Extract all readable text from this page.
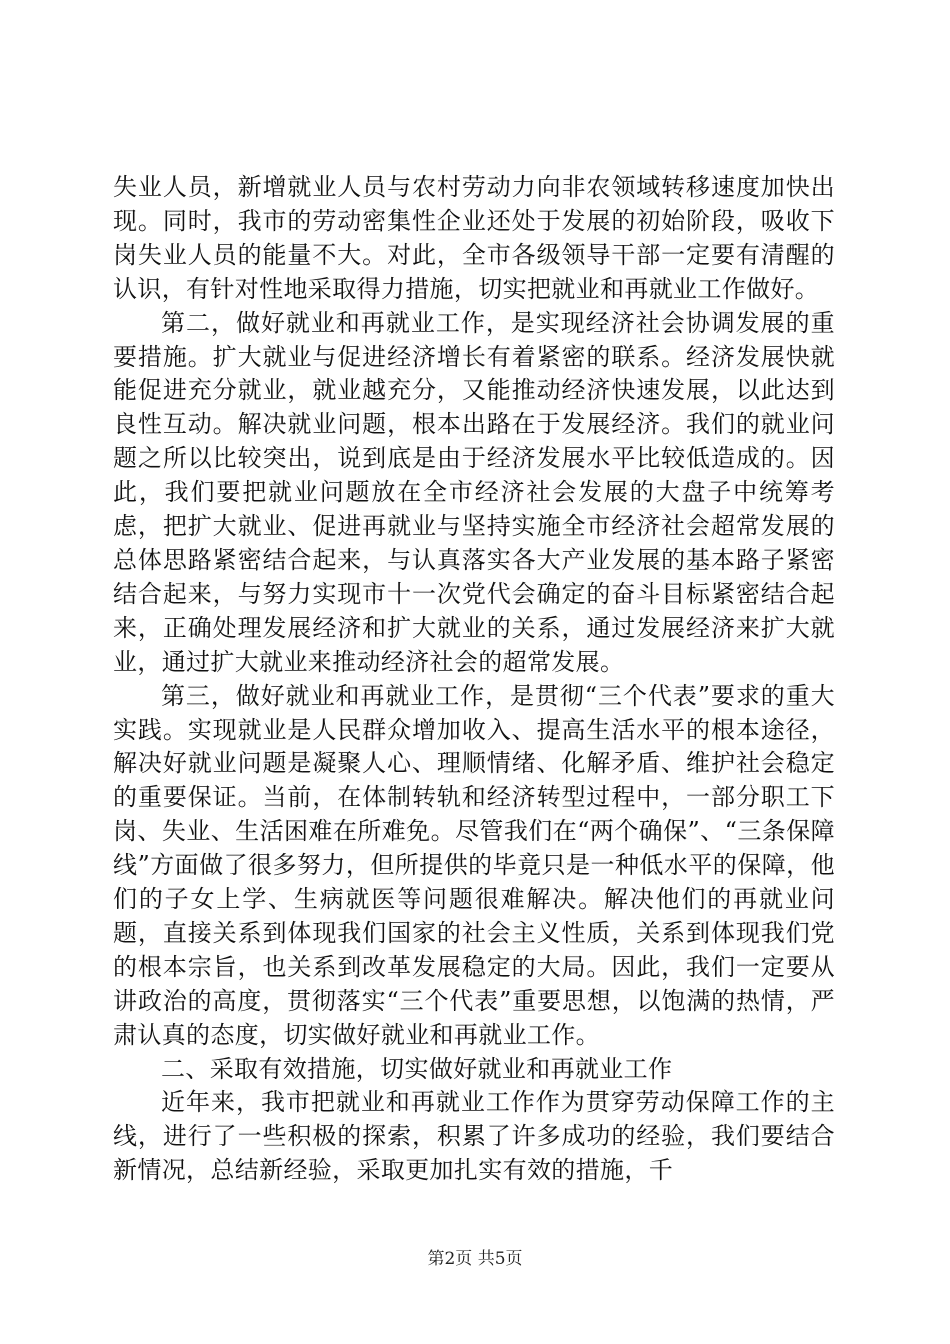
失业人员，新增就业人员与农村劳动力向非农领域转移速度加快出现。同时，我市的劳动密集性企业还处于发展的初始阶段，吸收下岗失业人员的能量不大。对此，全市各级领导干部一定要有清醒的认识，有针对性地采取得力措施，切实把就业和再就业工作做好。

第二，做好就业和再就业工作，是实现经济社会协调发展的重要措施。扩大就业与促进经济增长有着紧密的联系。经济发展快就能促进充分就业，就业越充分，又能推动经济快速发展，以此达到良性互动。解决就业问题，根本出路在于发展经济。我们的就业问题之所以比较突出，说到底是由于经济发展水平比较低造成的。因此，我们要把就业问题放在全市经济社会发展的大盘子中统筹考虑，把扩大就业、促进再就业与坚持实施全市经济社会超常发展的总体思路紧密结合起来，与认真落实各大产业发展的基本路子紧密结合起来，与努力实现市十一次党代会确定的奋斗目标紧密结合起来，正确处理发展经济和扩大就业的关系，通过发展经济来扩大就业，通过扩大就业来推动经济社会的超常发展。

第三，做好就业和再就业工作，是贯彻“三个代表”要求的重大实践。实现就业是人民群众增加收入、提高生活水平的根本途径，解决好就业问题是凝聚人心、理顺情绪、化解矛盾、维护社会稳定的重要保证。当前，在体制转轨和经济转型过程中，一部分职工下岗、失业、生活困难在所难免。尽管我们在“两个确保”、“三条保障线”方面做了很多努力，但所提供的毕竟只是一种低水平的保障，他们的子女上学、生病就医等问题很难解决。解决他们的再就业问题，直接关系到体现我们国家的社会主义性质，关系到体现我们党的根本宗旨，也关系到改革发展稳定的大局。因此，我们一定要从讲政治的高度，贯彻落实“三个代表”重要思想，以饱满的热情，严肃认真的态度，切实做好就业和再就业工作。

二、采取有效措施，切实做好就业和再就业工作

近年来，我市把就业和再就业工作作为贯穿劳动保障工作的主线，进行了一些积极的探索，积累了许多成功的经验，我们要结合新情况，总结新经验，采取更加扎实有效的措施，千

第2页 共5页
